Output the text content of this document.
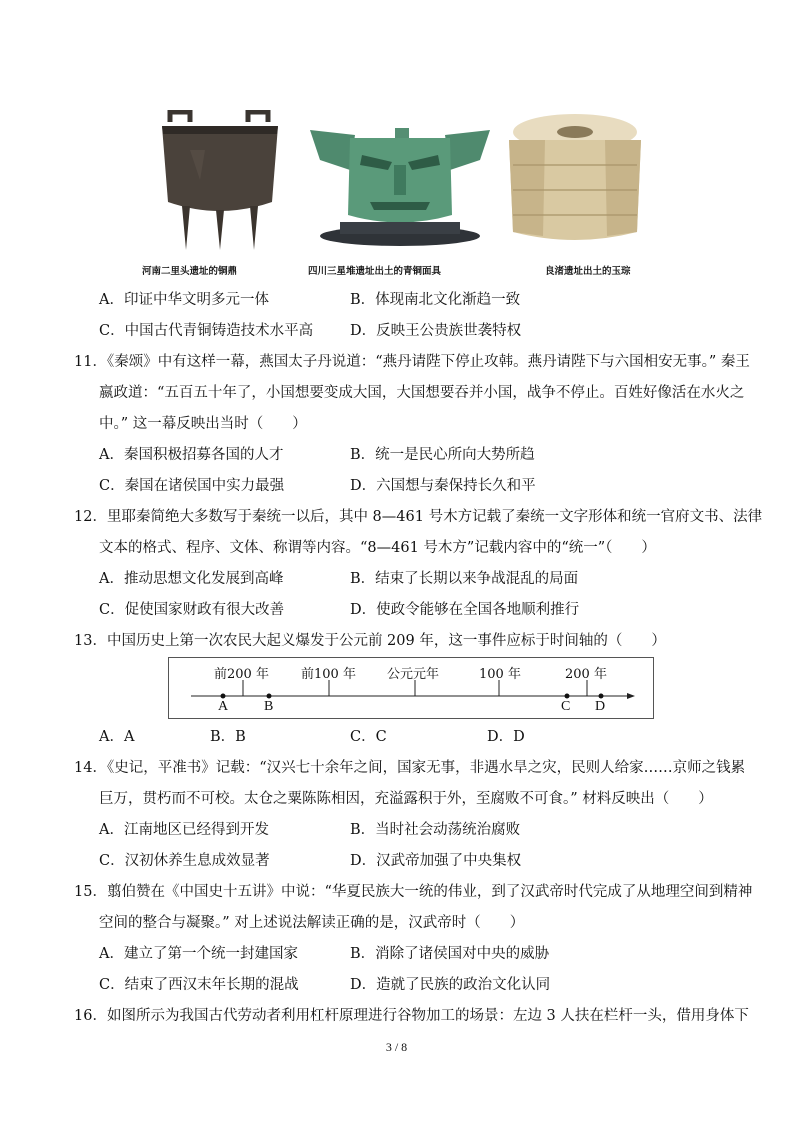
河南二里头遗址的铜鼎	四川三星堆遗址出土的青铜面具	良渚遗址出土的玉琮
A．印证中华文明多元一体	B．体现南北文化渐趋一致
C．中国古代青铜铸造技术水平高	D．反映王公贵族世袭特权
11．《秦颂》中有这样一幕，燕国太子丹说道：“燕丹请陛下停止攻韩。燕丹请陛下与六国相安无事。” 秦王
嬴政道：“五百五十年了，小国想要变成大国，大国想要吞并小国，战争不停止。百姓好像活在水火之
中。” 这一幕反映出当时（　　）
A．秦国积极招募各国的人才	B．统一是民心所向大势所趋
C．秦国在诸侯国中实力最强	D．六国想与秦保持长久和平
12．里耶秦简绝大多数写于秦统一以后，其中 8—461 号木方记载了秦统一文字形体和统一官府文书、法律
文本的格式、程序、文体、称谓等内容。“8—461 号木方”记载内容中的“统一”（　　）
A．推动思想文化发展到高峰	B．结束了长期以来争战混乱的局面
C．促使国家财政有很大改善	D．使政令能够在全国各地顺利推行
13．中国历史上第一次农民大起义爆发于公元前 209 年，这一事件应标于时间轴的（　　）
前200 年 前100 年 公元元年	100 年	200 年
A	B	C D
A．A	B．B	C．C	D．D
14．《史记，平准书》记载：“汉兴七十余年之间，国家无事，非遇水旱之灾，民则人给家……京师之钱累
巨万，贯朽而不可校。太仓之粟陈陈相因，充溢露积于外，至腐败不可食。” 材料反映出（　　）
A．江南地区已经得到开发	B．当时社会动荡统治腐败
C．汉初休养生息成效显著	D．汉武帝加强了中央集权
15．翦伯赞在《中国史十五讲》中说：“华夏民族大一统的伟业，到了汉武帝时代完成了从地理空间到精神
空间的整合与凝聚。” 对上述说法解读正确的是，汉武帝时（　　）
A．建立了第一个统一封建国家	B．消除了诸侯国对中央的威胁
C．结束了西汉末年长期的混战	D．造就了民族的政治文化认同
16．如图所示为我国古代劳动者利用杠杆原理进行谷物加工的场景：左边 3 人扶在栏杆一头，借用身体下
3 / 8
